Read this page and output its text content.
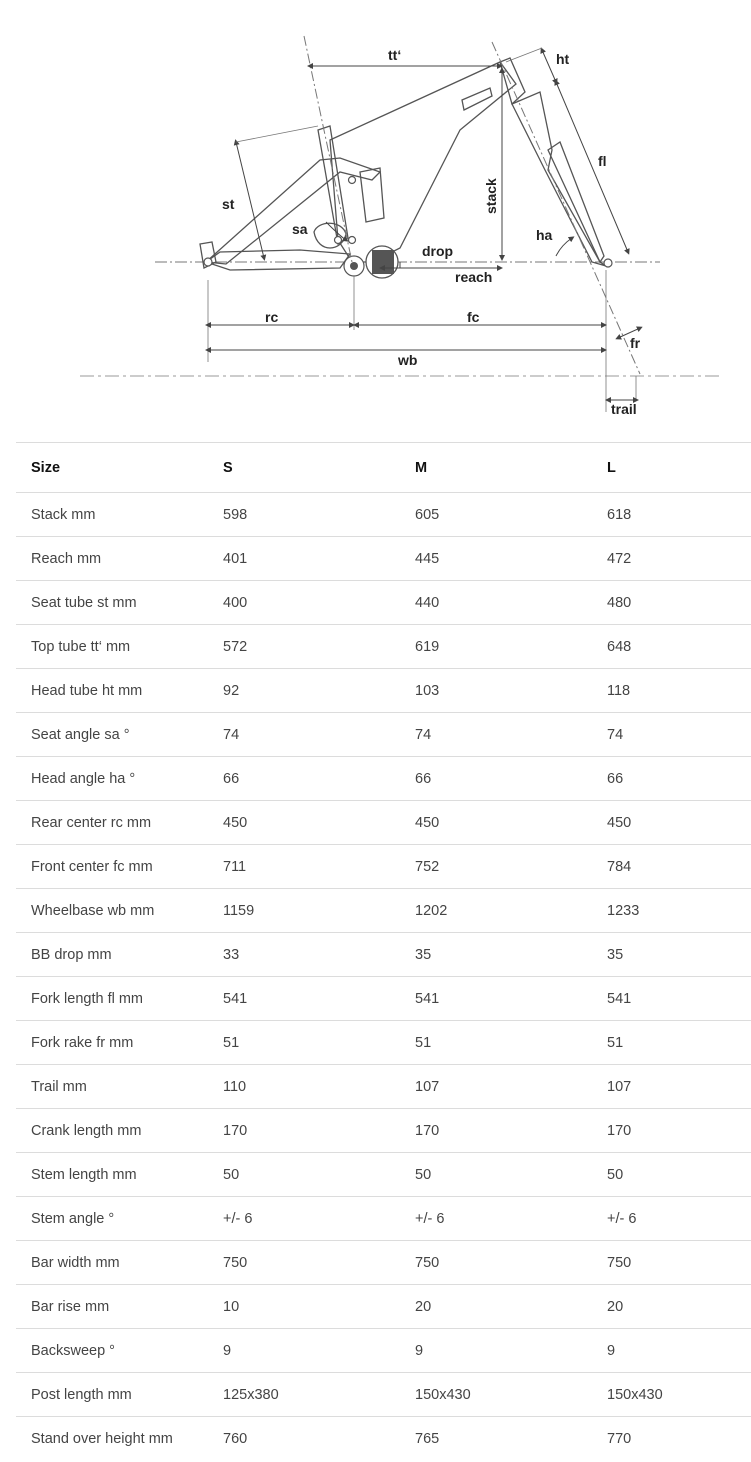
tt‘	ht
fl
stack
st
sa	ha
drop
reach
rc	fc
fr
wb
trail
Size	S	M	L
Stack mm	598	605	618
Reach mm	401	445	472
Seat tube st mm	400	440	480
Top tube tt‘ mm	572	619	648
Head tube ht mm	92	103	118
Seat angle sa °	74	74	74
Head angle ha °	66	66	66
Rear center rc mm	450	450	450
Front center fc mm	711	752	784
Wheelbase wb mm	1159	1202	1233
BB drop mm	33	35	35
Fork length fl mm	541	541	541
Fork rake fr mm	51	51	51
Trail mm	110	107	107
Crank length mm	170	170	170
Stem length mm	50	50	50
Stem angle °	+/- 6	+/- 6	+/- 6
Bar width mm	750	750	750
Bar rise mm	10	20	20
Backsweep °	9	9	9
Post length mm	125x380	150x430	150x430
Stand over height mm	760	765	770
